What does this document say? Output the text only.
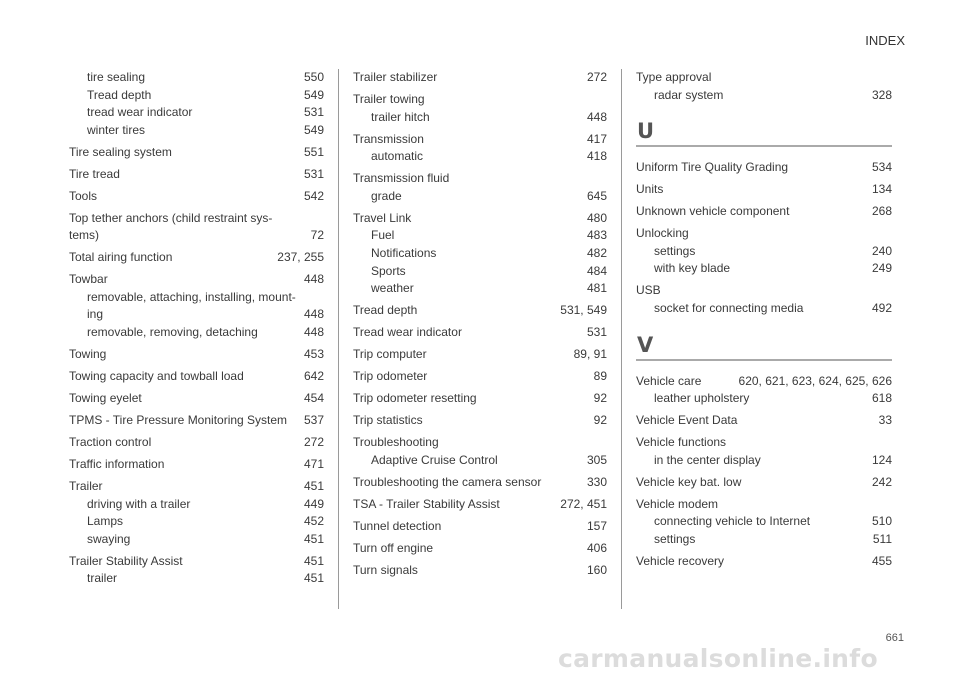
INDEX
tire sealing	550
Tread depth	549
tread wear indicator	531
winter tires	549
Tire sealing system	551
Tire tread	531
Tools	542
Top tether anchors (child restraint sys-
tems)	72
Total airing function	237, 255
Towbar	448
removable, attaching, installing, mount-
ing	448
removable, removing, detaching	448
Towing	453
Towing capacity and towball load	642
Towing eyelet	454
TPMS - Tire Pressure Monitoring System	537
Traction control	272
Traffic information	471
Trailer	451
driving with a trailer	449
Lamps	452
swaying	451
Trailer Stability Assist	451
trailer	451
Trailer stabilizer	272
Trailer towing
trailer hitch	448
Transmission	417
automatic	418
Transmission fluid
grade	645
Travel Link	480
Fuel	483
Notifications	482
Sports	484
weather	481
Tread depth	531, 549
Tread wear indicator	531
Trip computer	89, 91
Trip odometer	89
Trip odometer resetting	92
Trip statistics	92
Troubleshooting
Adaptive Cruise Control	305
Troubleshooting the camera sensor	330
TSA - Trailer Stability Assist	272, 451
Tunnel detection	157
Turn off engine	406
Turn signals	160
Type approval
radar system	328
U
Uniform Tire Quality Grading	534
Units	134
Unknown vehicle component	268
Unlocking
settings	240
with key blade	249
USB
socket for connecting media	492
V
Vehicle care	620, 621, 623, 624, 625, 626
leather upholstery	618
Vehicle Event Data	33
Vehicle functions
in the center display	124
Vehicle key bat. low	242
Vehicle modem
connecting vehicle to Internet	510
settings	511
Vehicle recovery	455
661
carmanualsonline.info
